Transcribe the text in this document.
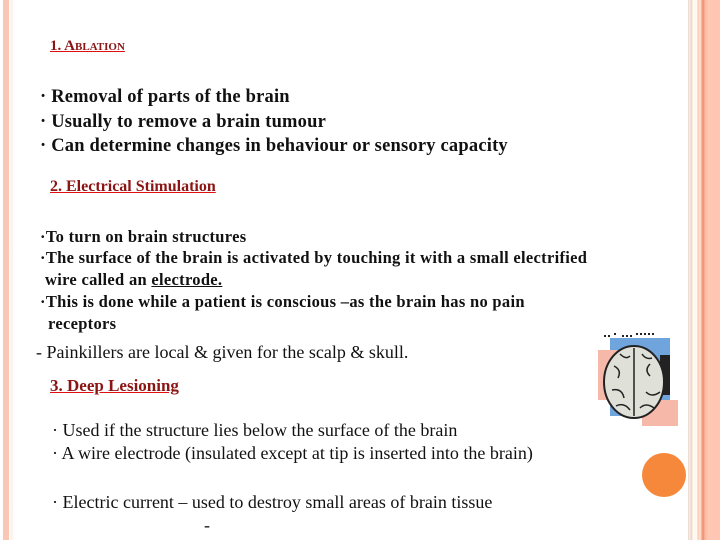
1. Ablation
· Removal of parts of the brain
· Usually to remove a brain tumour
· Can determine changes in behaviour or sensory capacity
2. Electrical Stimulation
·To turn on brain structures
·The surface of the brain is activated by touching it with a small electrified
wire called an electrode.
·This is done while a patient is conscious –as the brain has no pain
receptors
- Painkillers are local & given for the scalp & skull.
3. Deep Lesioning
· Used if the structure lies below the surface of the brain
· A wire electrode (insulated except at tip is inserted into the brain)
· Electric current – used to destroy small areas of brain tissue
-
